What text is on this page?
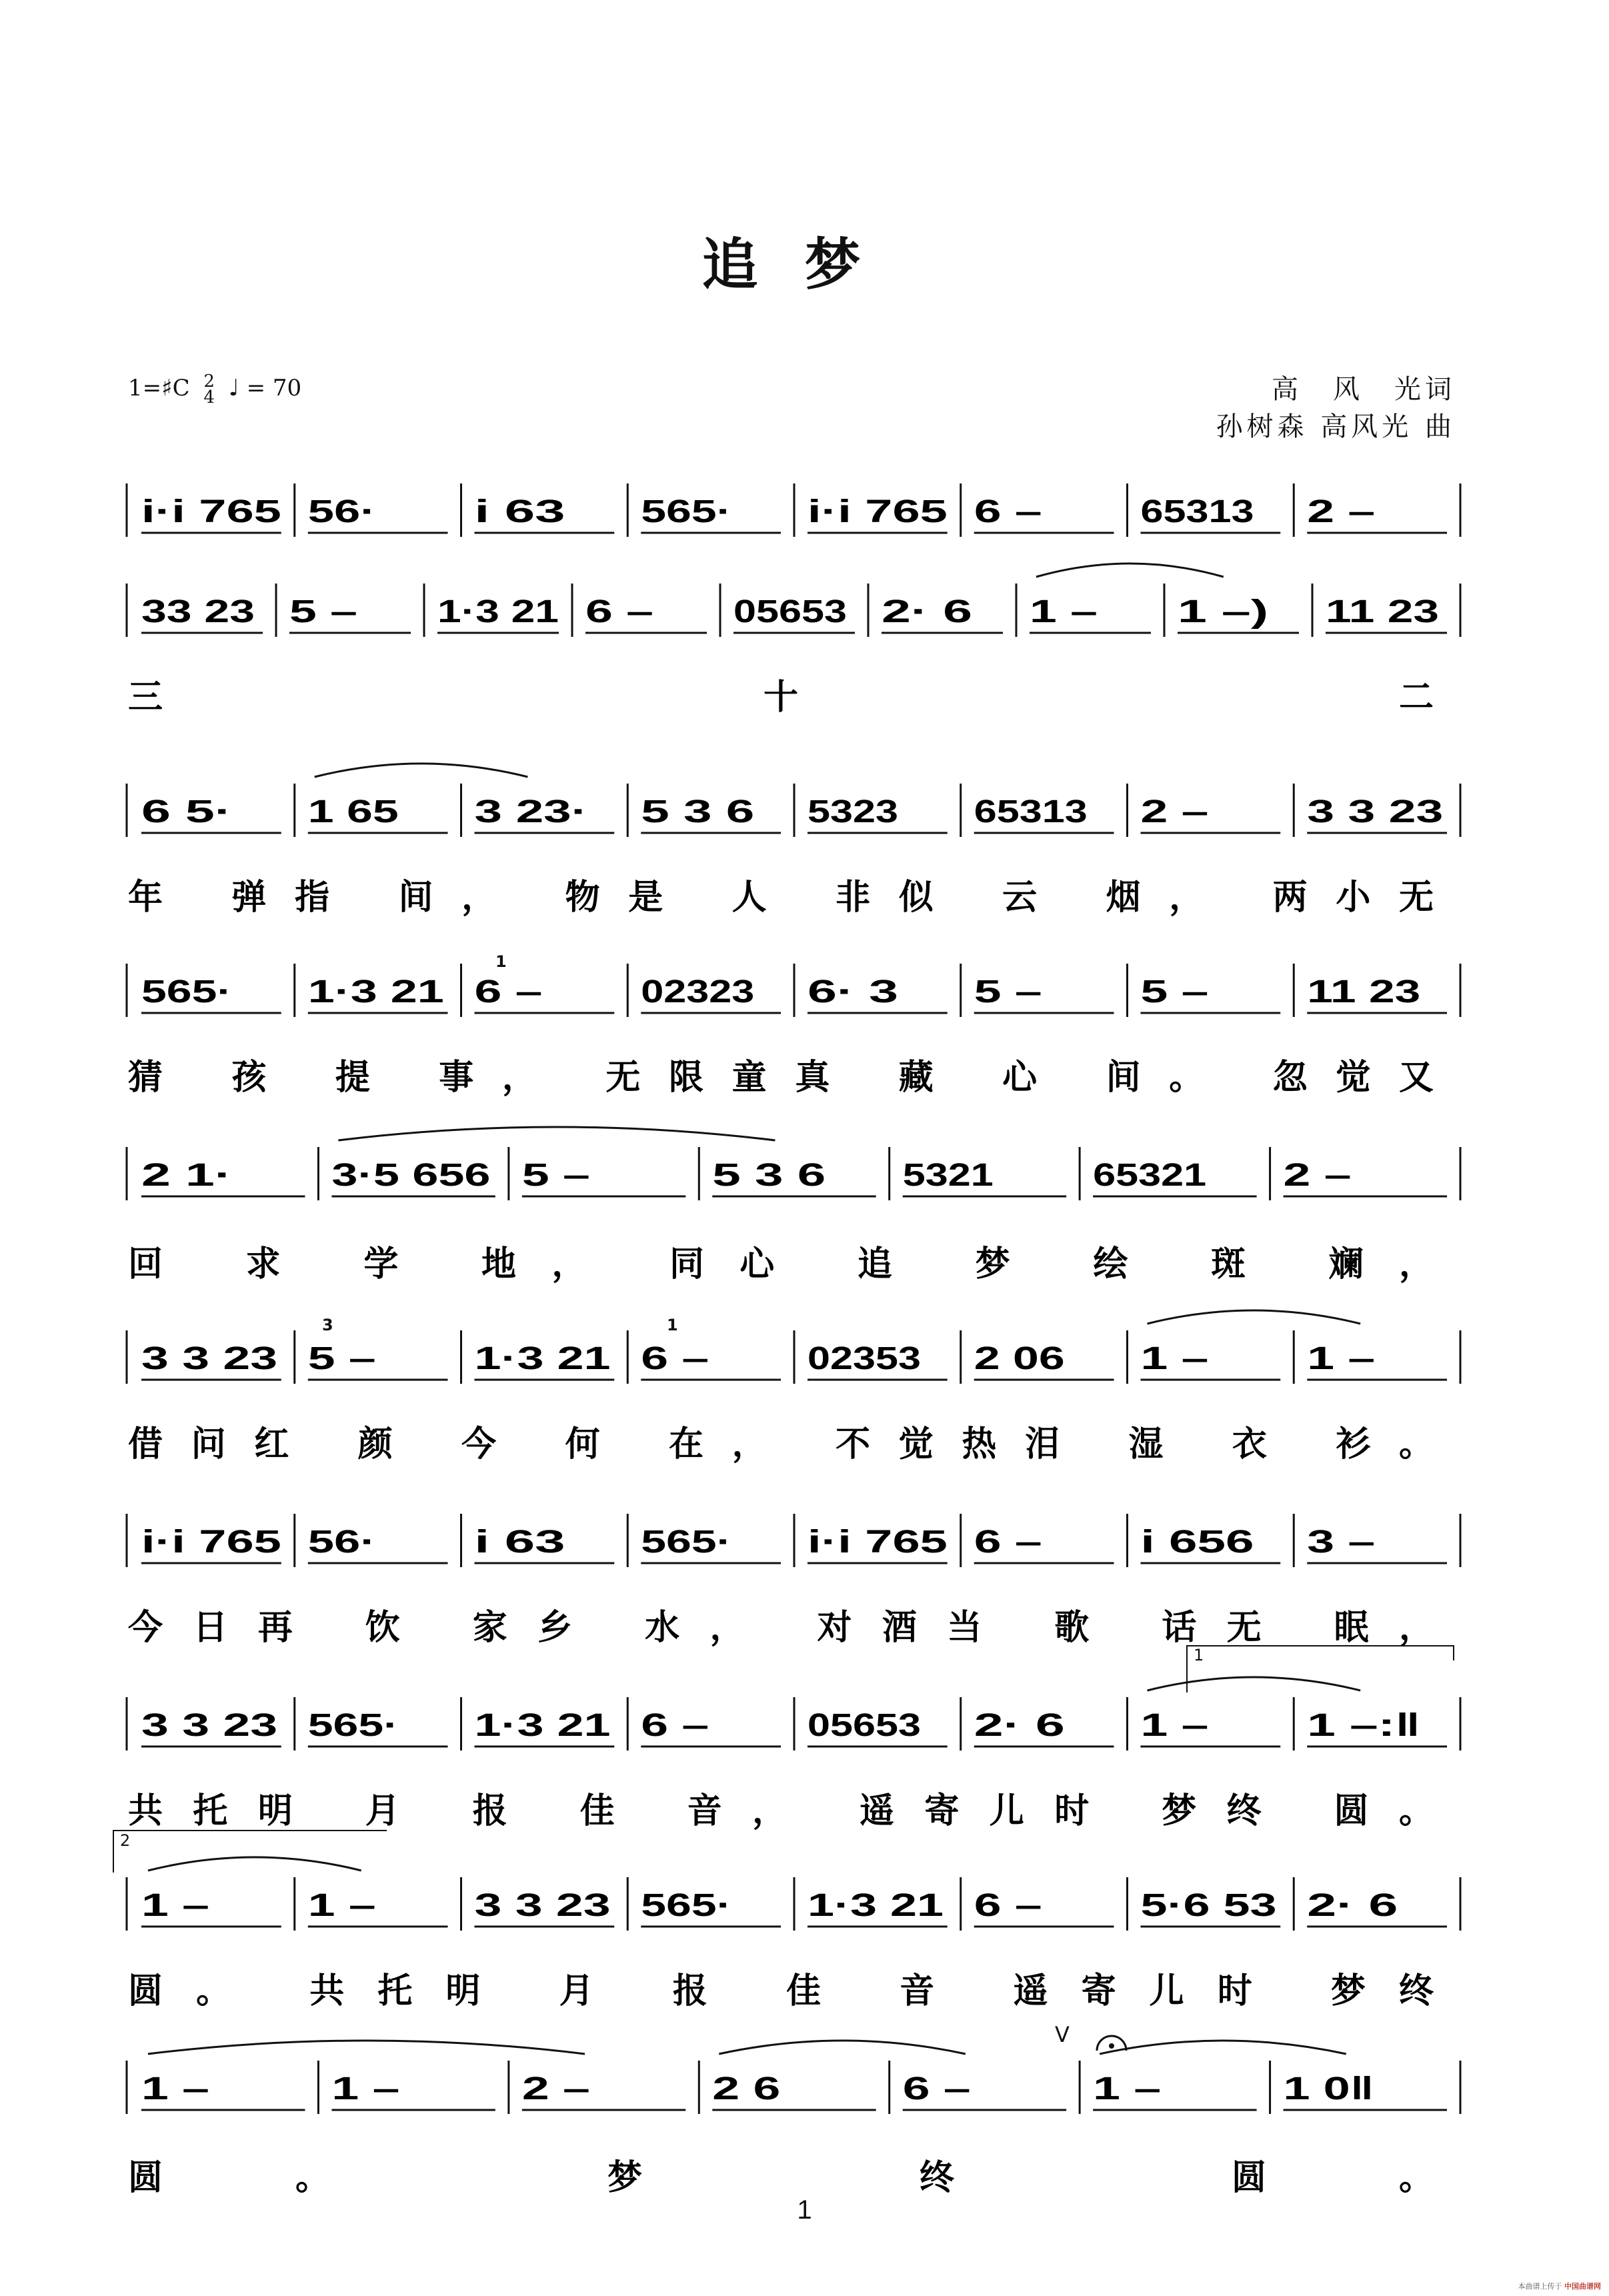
追梦
1=♯C 2
4 ♩ = 70	高　风　光词
孙树森 高风光 曲
i·i 765 56·	i 63 565· i·i 765 6 –	65313 2 –
33 23 5 –	1·3 21 6 –	05653 2· 6 1 –	1 –) 11 23
三 十 二
6 5· 1 65 3 23· 5 3 6 5323 65313 2 –	3 3 23
年 弹指 间， 物是 人 非似 云 烟， 两小无
565· 1·3 21 6 –	02323 6· 3 5 –	5 –	11 23
猜 孩 提 事， 无限童真 藏 心 间。 忽觉又
2 1·	3·5 656 5 –	5 3 6 5321	65321 2 –
回 求 学 地， 同心 追 梦 绘 斑 斓，
3 3 23 5 –	1·3 21 6 –	02353 2 06 1 –	1 –
借问红 颜 今 何 在， 不觉热泪 湿 衣 衫。
i·i 765 56·	i 63 565· i·i 765 6 –	i 656 3 –
今日再 饮 家乡 水， 对酒当 歌 话无 眠，
3 3 23 565· 1·3 21 6 –	05653 2· 6 1 –	1 –:‖
共托明 月 报 佳 音， 遥寄儿时 梦终 圆。
1 –	1 –	3 3 23 565· 1·3 21 6 –	5·6 53 2· 6
圆。 共托明 月 报 佳 音 遥寄儿时 梦终
1 –	1 –	2 –	2 6	6 –	1 –	1 0‖
圆。 梦 终 圆。
1
2
V
1
3	1
1
本曲谱上传于 中国曲谱网
